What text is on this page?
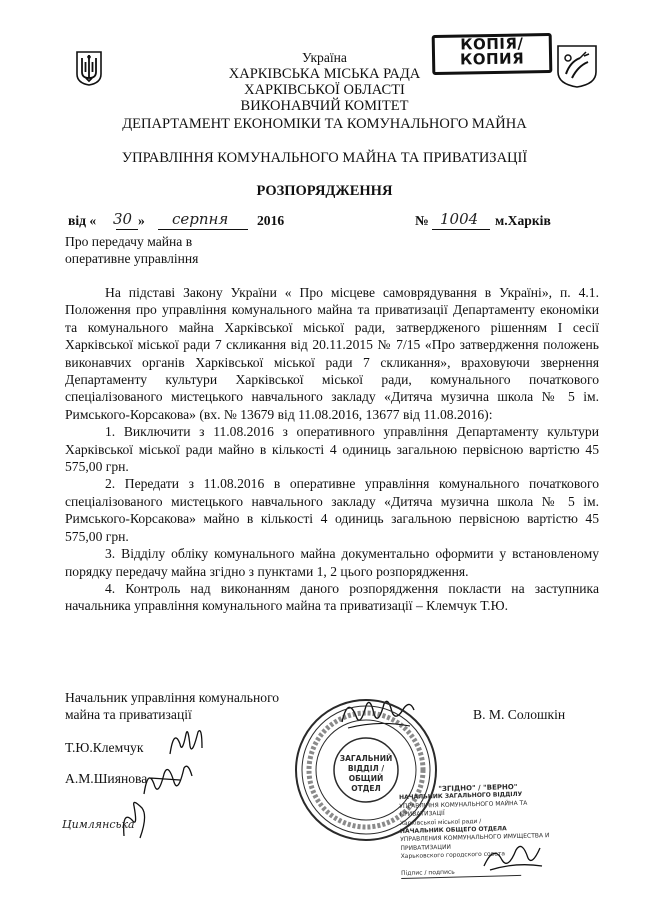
Україна
ХАРКІВСЬКА МІСЬКА РАДА
ХАРКІВСЬКОЇ ОБЛАСТІ
ВИКОНАВЧИЙ КОМІТЕТ
ДЕПАРТАМЕНТ ЕКОНОМІКИ ТА КОМУНАЛЬНОГО МАЙНА
УПРАВЛІННЯ КОМУНАЛЬНОГО МАЙНА ТА ПРИВАТИЗАЦІЇ
РОЗПОРЯДЖЕННЯ
КОПІЯ/
КОПИЯ
від « 30 » серпня 2016	№ 1004 м.Харків
Про передачу майна в
оперативне управління

На підставі Закону України « Про місцеве самоврядування в Україні», п. 4.1. Положення про управління комунального майна та приватизації Департаменту економіки та комунального майна Харківської міської ради, затвердженого рішенням I сесії Харківської міської ради 7 скликання від 20.11.2015 № 7/15 «Про затвердження положень виконавчих органів Харківської міської ради 7 скликання», враховуючи звернення Департаменту культури Харківської міської ради, комунального початкового спеціалізованого мистецького навчального закладу «Дитяча музична школа № 5 ім. Римського-Корсакова» (вх. № 13679 від 11.08.2016, 13677 від 11.08.2016):

1. Виключити з 11.08.2016 з оперативного управління Департаменту культури Харківської міської ради майно в кількості 4 одиниць загальною первісною вартістю 45 575,00 грн.

2. Передати з 11.08.2016 в оперативне управління комунального початкового спеціалізованого мистецького навчального закладу «Дитяча музична школа № 5 ім. Римського-Корсакова» майно в кількості 4 одиниць загальною первісною вартістю 45 575,00 грн.

3. Відділу обліку комунального майна документально оформити у встановленому порядку передачу майна згідно з пунктами 1, 2 цього розпорядження.

4. Контроль над виконанням даного розпорядження покласти на заступника начальника управління комунального майна та приватизації – Клемчук Т.Ю.

Начальник управління комунального
майна та приватизації	В. М. Солошкін
Т.Ю.Клемчук
А.М.Шиянова
Цимлянська
ЗАГАЛЬНИЙ
ВІДДІЛ /
ОБЩИЙ ОТДЕЛ	"ЗГІДНО" / "ВЕРНО"
НАЧАЛЬНИК ЗАГАЛЬНОГО ВІДДІЛУ
УПРАВЛІННЯ КОМУНАЛЬНОГО МАЙНА ТА ПРИВАТИЗАЦІЇ
Харківської міської ради /
НАЧАЛЬНИК ОБЩЕГО ОТДЕЛА
УПРАВЛЕНИЯ КОММУНАЛЬНОГО ИМУЩЕСТВА И ПРИВАТИЗАЦИИ
Харьковского городского совета
Підпис / подпись
